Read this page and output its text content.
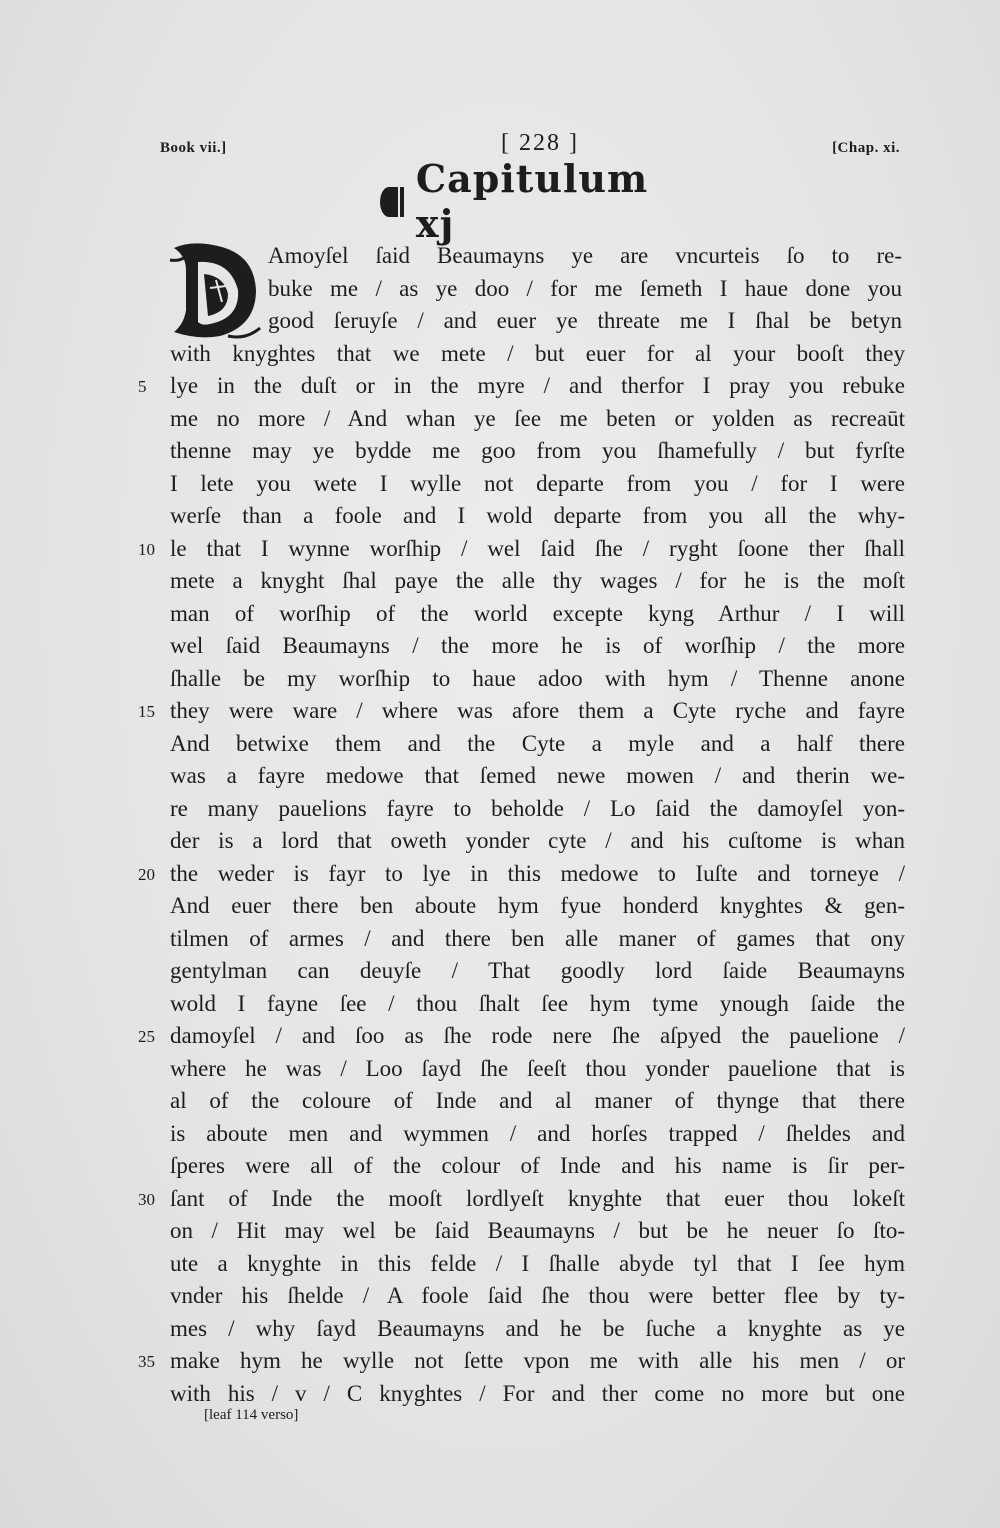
Book vii.]	[ 228 ]	[Chap. xi.
Capitulum xj
Amoyſel ſaid Beaumayns ye are vncurteis ſo to re-
buke me / as ye doo / for me ſemeth I haue done you
good ſeruyſe / and euer ye threate me I ſhal be betyn
with knyghtes that we mete / but euer for al your booſt they
lye in the duſt or in the myre / and therfor I pray you rebuke
me no more / And whan ye ſee me beten or yolden as recreaūt
thenne may ye bydde me goo from you ſhamefully / but fyrſte
I lete you wete I wylle not departe from you / for I were
werſe than a foole and I wold departe from you all the why-
le that I wynne worſhip / wel ſaid ſhe / ryght ſoone ther ſhall
mete a knyght ſhal paye the alle thy wages / for he is the moſt
man of worſhip of the world excepte kyng Arthur / I will
wel ſaid Beaumayns / the more he is of worſhip / the more
ſhalle be my worſhip to haue adoo with hym / Thenne anone
they were ware / where was afore them a Cyte ryche and fayre
And betwixe them and the Cyte a myle and a half there
was a fayre medowe that ſemed newe mowen / and therin we-
re many pauelions fayre to beholde / Lo ſaid the damoyſel yon-
der is a lord that oweth yonder cyte / and his cuſtome is whan
the weder is fayr to lye in this medowe to Iuſte and torneye /
And euer there ben aboute hym fyue honderd knyghtes & gen-
tilmen of armes / and there ben alle maner of games that ony
gentylman can deuyſe / That goodly lord ſaide Beaumayns
wold I fayne ſee / thou ſhalt ſee hym tyme ynough ſaide the
damoyſel / and ſoo as ſhe rode nere ſhe aſpyed the pauelione /
where he was / Loo ſayd ſhe ſeeſt thou yonder pauelione that is
al of the coloure of Inde and al maner of thynge that there
is aboute men and wymmen / and horſes trapped / ſheldes and
ſperes were all of the colour of Inde and his name is ſir per-
ſant of Inde the mooſt lordlyeſt knyghte that euer thou lokeſt
on / Hit may wel be ſaid Beaumayns / but be he neuer ſo ſto-
ute a knyghte in this felde / I ſhalle abyde tyl that I ſee hym
vnder his ſhelde / A foole ſaid ſhe thou were better flee by ty-
mes / why ſayd Beaumayns and he be ſuche a knyghte as ye
make hym he wylle not ſette vpon me with alle his men / or
with his / v / C knyghtes / For and ther come no more but one
5
10
15
20
25
30
35
[leaf 114 verso]
